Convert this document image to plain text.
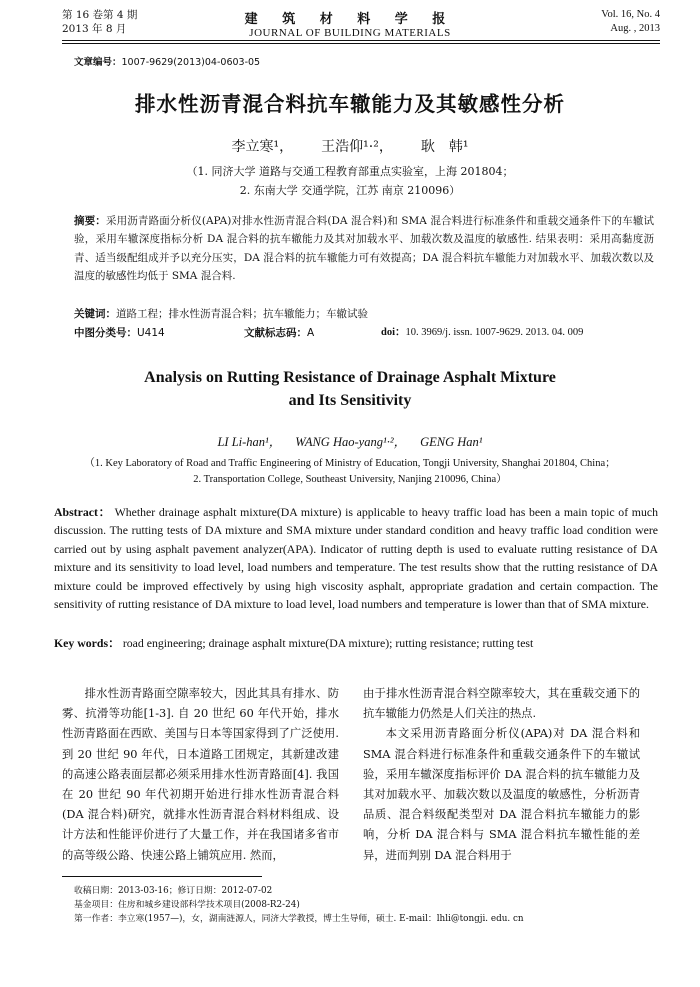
第 16 卷第 4 期
2013 年 8 月
建 筑 材 料 学 报
JOURNAL OF BUILDING MATERIALS
Vol. 16, No. 4
Aug. , 2013
文章编号：1007-9629(2013)04-0603-05
排水性沥青混合料抗车辙能力及其敏感性分析
李立寒¹， 王浩仰¹·²， 耿　韩¹
（1. 同济大学 道路与交通工程教育部重点实验室，上海 201804；
2. 东南大学 交通学院，江苏 南京 210096）
摘要：采用沥青路面分析仪(APA)对排水性沥青混合料(DA 混合料)和 SMA 混合料进行标准条件和重载交通条件下的车辙试验，采用车辙深度指标分析 DA 混合料的抗车辙能力及其对加载水平、加载次数及温度的敏感性. 结果表明：采用高黏度沥青、适当级配组成并予以充分压实，DA 混合料的抗车辙能力可有效提高；DA 混合料抗车辙能力对加载水平、加载次数以及温度的敏感性均低于 SMA 混合料.
关键词：道路工程；排水性沥青混合料；抗车辙能力；车辙试验
中图分类号：U414	文献标志码：A	doi：10. 3969/j. issn. 1007-9629. 2013. 04. 009
Analysis on Rutting Resistance of Drainage Asphalt Mixture
and Its Sensitivity
LI Li-han¹， WANG Hao-yang¹·²， GENG Han¹
（1. Key Laboratory of Road and Traffic Engineering of Ministry of Education, Tongji University, Shanghai 201804, China；
2. Transportation College, Southeast University, Nanjing 210096, China）
Abstract： Whether drainage asphalt mixture(DA mixture) is applicable to heavy traffic load has been a main topic of much discussion. The rutting tests of DA mixture and SMA mixture under standard condition and heavy traffic load condition were carried out by using asphalt pavement analyzer(APA). Indicator of rutting depth is used to evaluate rutting resistance of DA mixture and its sensitivity to load level, load numbers and temperature. The test results show that the rutting resistance of DA mixture could be improved effectively by using high viscosity asphalt, appropriate gradation and certain compaction. The sensitivity of rutting resistance of DA mixture to load level, load numbers and temperature is lower than that of SMA mixture.
Key words： road engineering; drainage asphalt mixture(DA mixture); rutting resistance; rutting test

排水性沥青路面空隙率较大，因此其具有排水、防雾、抗滑等功能[1-3]. 自 20 世纪 60 年代开始，排水性沥青路面在西欧、美国与日本等国家得到了广泛使用. 到 20 世纪 90 年代，日本道路工团规定，其新建改建的高速公路表面层都必须采用排水性沥青路面[4]. 我国在 20 世纪 90 年代初期开始进行排水性沥青混合料(DA 混合料)研究，就排水性沥青混合料材料组成、设计方法和性能评价进行了大量工作，并在我国诸多省市的高等级公路、快速公路上铺筑应用. 然而，

由于排水性沥青混合料空隙率较大，其在重载交通下的抗车辙能力仍然是人们关注的热点.

本文采用沥青路面分析仪(APA)对 DA 混合料和 SMA 混合料进行标准条件和重载交通条件下的车辙试验，采用车辙深度指标评价 DA 混合料的抗车辙能力及其对加载水平、加载次数以及温度的敏感性，分析沥青品质、混合料级配类型对 DA 混合料抗车辙能力的影响，分析 DA 混合料与 SMA 混合料抗车辙性能的差异，进而判别 DA 混合料用于

收稿日期：2013-03-16；修订日期：2012-07-02
基金项目：住房和城乡建设部科学技术项目(2008-R2-24)
第一作者：李立寒(1957—)，女，湖南涟源人，同济大学教授，博士生导师，硕士. E-mail：lhli@tongji. edu. cn
